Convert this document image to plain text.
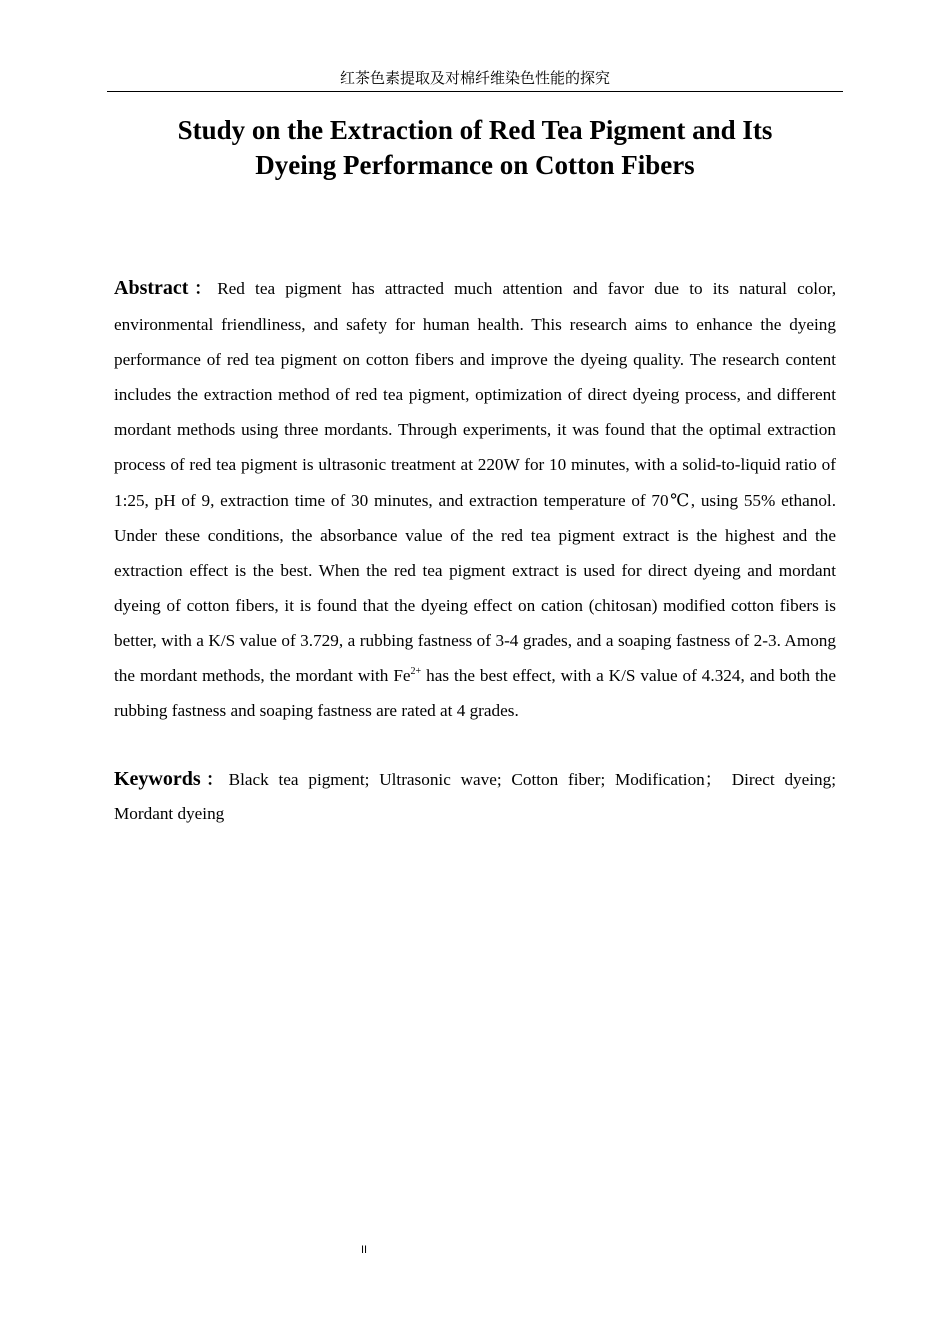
红茶色素提取及对棉纤维染色性能的探究
Study on the Extraction of Red Tea Pigment and Its
Dyeing Performance on Cotton Fibers

Abstract：Red tea pigment has attracted much attention and favor due to its natural color, environmental friendliness, and safety for human health. This research aims to enhance the dyeing performance of red tea pigment on cotton fibers and improve the dyeing quality. The research content includes the extraction method of red tea pigment, optimization of direct dyeing process, and different mordant methods using three mordants. Through experiments, it was found that the optimal extraction process of red tea pigment is ultrasonic treatment at 220W for 10 minutes, with a solid-to-liquid ratio of 1:25, pH of 9, extraction time of 30 minutes, and extraction temperature of 70℃, using 55% ethanol. Under these conditions, the absorbance value of the red tea pigment extract is the highest and the extraction effect is the best. When the red tea pigment extract is used for direct dyeing and mordant dyeing of cotton fibers, it is found that the dyeing effect on cation (chitosan) modified cotton fibers is better, with a K/S value of 3.729, a rubbing fastness of 3-4 grades, and a soaping fastness of 2-3. Among the mordant methods, the mordant with $Fe^{2+}$ has the best effect, with a K/S value of 4.324, and both the rubbing fastness and soaping fastness are rated at 4 grades.

Keywords：Black tea pigment; Ultrasonic wave; Cotton fiber; Modification； Direct dyeing; Mordant dyeing

II
